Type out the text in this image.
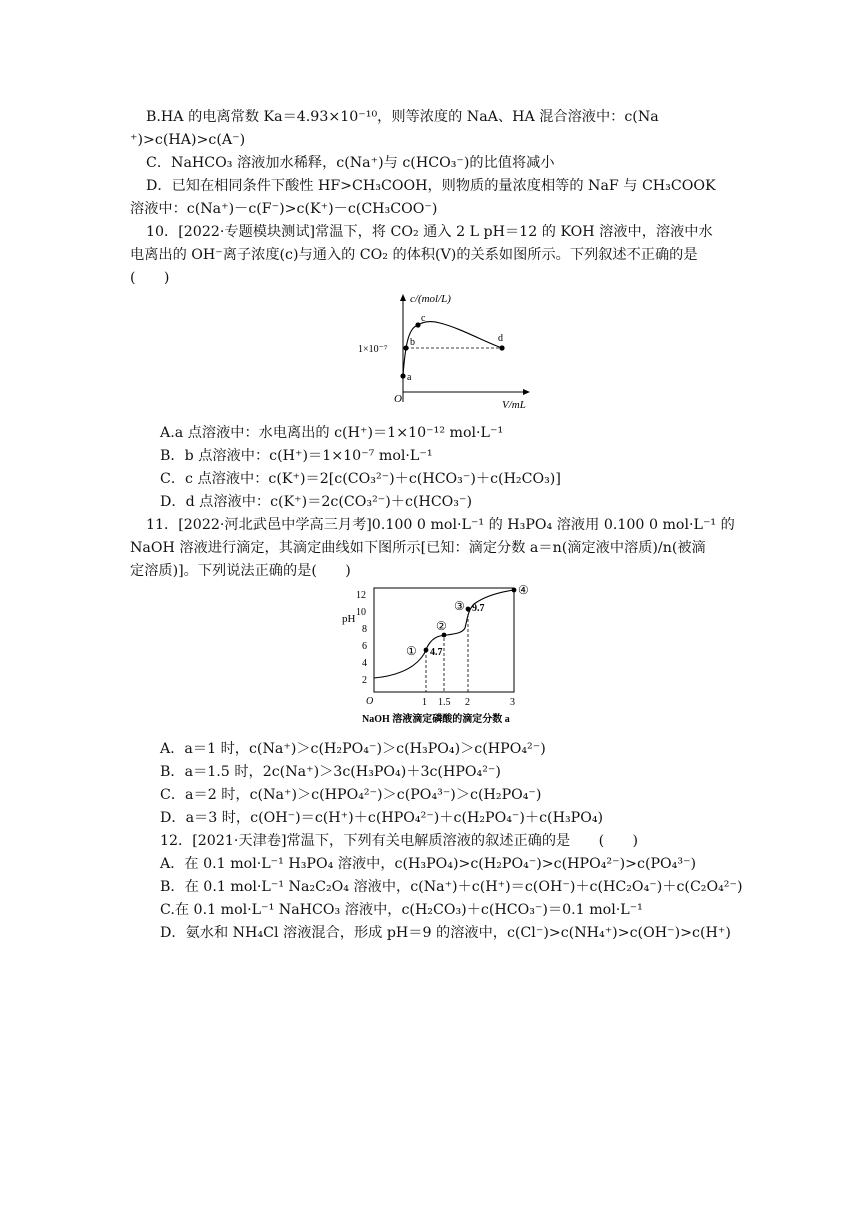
B.HA 的电离常数 Ka＝4.93×10⁻¹⁰，则等浓度的 NaA、HA 混合溶液中：c(Na
⁺)>c(HA)>c(A⁻)
C．NaHCO₃ 溶液加水稀释，c(Na⁺)与 c(HCO₃⁻)的比值将减小
D．已知在相同条件下酸性 HF>CH₃COOH，则物质的量浓度相等的 NaF 与 CH₃COOK
溶液中：c(Na⁺)－c(F⁻)>c(K⁺)－c(CH₃COO⁻)
10．[2022·专题模块测试]常温下，将 CO₂ 通入 2 L pH＝12 的 KOH 溶液中，溶液中水
电离出的 OH⁻离子浓度(c)与通入的 CO₂ 的体积(V)的关系如图所示。下列叙述不正确的是
(　　)
A.a 点溶液中：水电离出的 c(H⁺)＝1×10⁻¹² mol·L⁻¹
B．b 点溶液中：c(H⁺)＝1×10⁻⁷ mol·L⁻¹
C．c 点溶液中：c(K⁺)＝2[c(CO₃²⁻)＋c(HCO₃⁻)＋c(H₂CO₃)]
D．d 点溶液中：c(K⁺)＝2c(CO₃²⁻)＋c(HCO₃⁻)
11．[2022·河北武邑中学高三月考]0.100 0 mol·L⁻¹ 的 H₃PO₄ 溶液用 0.100 0 mol·L⁻¹ 的
NaOH 溶液进行滴定，其滴定曲线如下图所示[已知：滴定分数 a＝n(滴定液中溶质)/n(被滴
定溶质)]。下列说法正确的是(　　)
A．a＝1 时，c(Na⁺)＞c(H₂PO₄⁻)＞c(H₃PO₄)＞c(HPO₄²⁻)
B．a＝1.5 时，2c(Na⁺)＞3c(H₃PO₄)＋3c(HPO₄²⁻)
C．a＝2 时，c(Na⁺)＞c(HPO₄²⁻)＞c(PO₄³⁻)＞c(H₂PO₄⁻)
D．a＝3 时，c(OH⁻)＝c(H⁺)＋c(HPO₄²⁻)＋c(H₂PO₄⁻)＋c(H₃PO₄)
12．[2021·天津卷]常温下，下列有关电解质溶液的叙述正确的是　　(　　)
A．在 0.1 mol·L⁻¹ H₃PO₄ 溶液中，c(H₃PO₄)>c(H₂PO₄⁻)>c(HPO₄²⁻)>c(PO₄³⁻)
B．在 0.1 mol·L⁻¹ Na₂C₂O₄ 溶液中，c(Na⁺)＋c(H⁺)＝c(OH⁻)＋c(HC₂O₄⁻)＋c(C₂O₄²⁻)
C.在 0.1 mol·L⁻¹ NaHCO₃ 溶液中，c(H₂CO₃)＋c(HCO₃⁻)＝0.1 mol·L⁻¹
D．氨水和 NH₄Cl 溶液混合，形成 pH＝9 的溶液中，c(Cl⁻)>c(NH₄⁺)>c(OH⁻)>c(H⁺)
c/(mol/L)
V/mL
O
1×10⁻⁷
a
b
c
d
pH
12
10
8
6
4
2
O	1 1.5 2	3
NaOH 溶液滴定磷酸的滴定分数 a
①
②
③
④
4.7
9.7
